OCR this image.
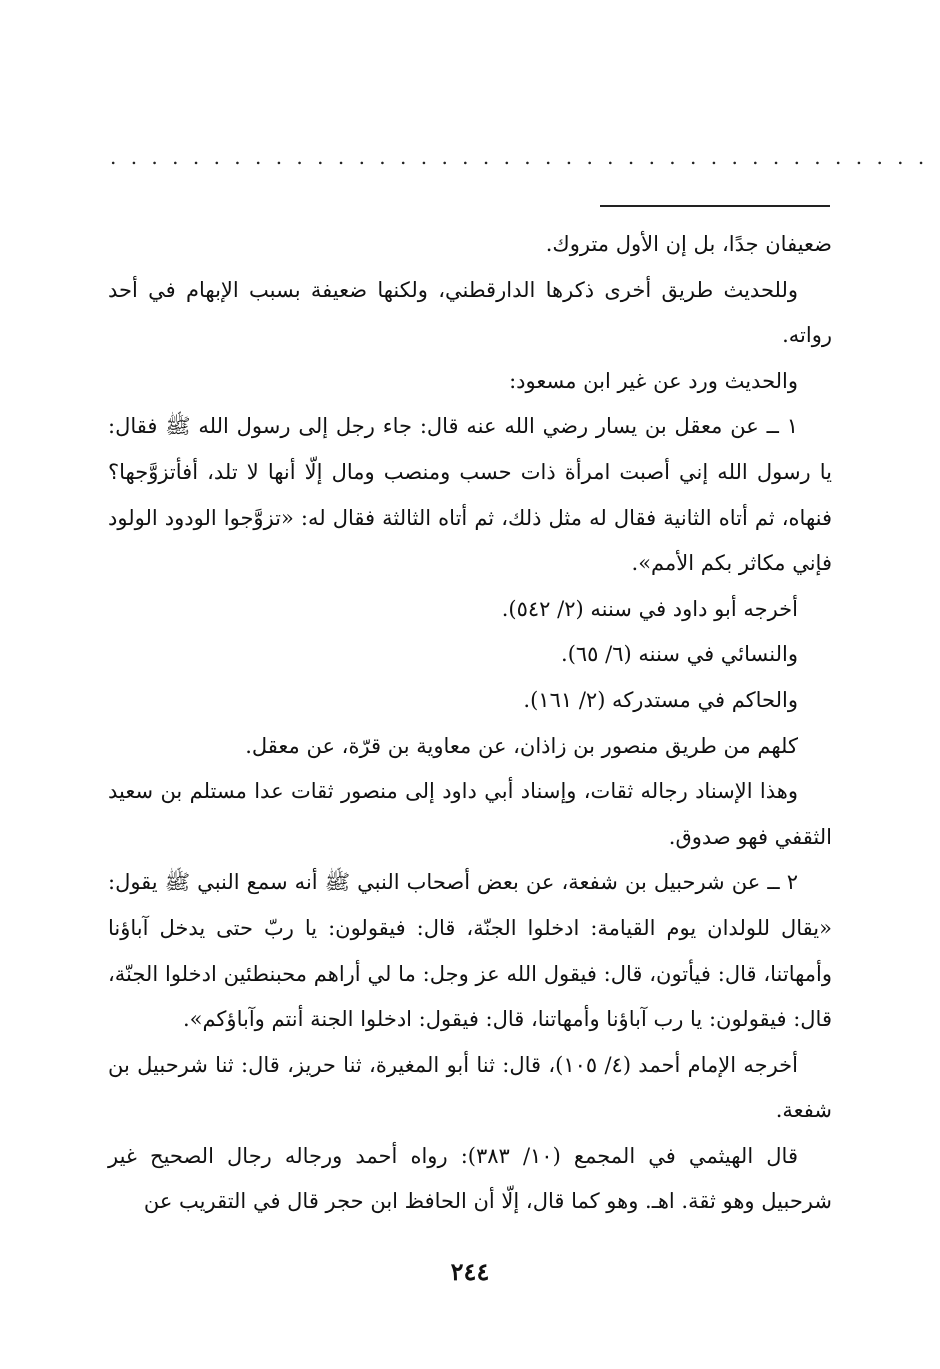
. . . . . . . . . . . . . . . . . . . . . . . . . . . . . . . . . . . . . . . .

ضعيفان جدًا، بل إن الأول متروك.

وللحديث طريق أخرى ذكرها الدارقطني، ولكنها ضعيفة بسبب الإبهام في أحد رواته.

والحديث ورد عن غير ابن مسعود:

١ ــ عن معقل بن يسار رضي الله عنه قال: جاء رجل إلى رسول الله ﷺ فقال: يا رسول الله إني أصبت امرأة ذات حسب ومنصب ومال إلّا أنها لا تلد، أفأتزوَّجها؟ فنهاه، ثم أتاه الثانية فقال له مثل ذلك، ثم أتاه الثالثة فقال له: «تزوَّجوا الودود الولود فإني مكاثر بكم الأمم».

أخرجه أبو داود في سننه (٢/ ٥٤٢).

والنسائي في سننه (٦/ ٦٥).

والحاكم في مستدركه (٢/ ١٦١).

كلهم من طريق منصور بن زاذان، عن معاوية بن قرّة، عن معقل.

وهذا الإسناد رجاله ثقات، وإسناد أبي داود إلى منصور ثقات عدا مستلم بن سعيد الثقفي فهو صدوق.

٢ ــ عن شرحبيل بن شفعة، عن بعض أصحاب النبي ﷺ أنه سمع النبي ﷺ يقول: «يقال للولدان يوم القيامة: ادخلوا الجنّة، قال: فيقولون: يا ربّ حتى يدخل آباؤنا وأمهاتنا، قال: فيأتون، قال: فيقول الله عز وجل: ما لي أراهم محبنطئين ادخلوا الجنّة، قال: فيقولون: يا رب آباؤنا وأمهاتنا، قال: فيقول: ادخلوا الجنة أنتم وآباؤكم».

أخرجه الإمام أحمد (٤/ ١٠٥)، قال: ثنا أبو المغيرة، ثنا حريز، قال: ثنا شرحبيل بن شفعة.

قال الهيثمي في المجمع (١٠/ ٣٨٣): رواه أحمد ورجاله رجال الصحيح غير شرحبيل وهو ثقة. اهـ. وهو كما قال، إلّا أن الحافظ ابن حجر قال في التقريب عن

٢٤٤
